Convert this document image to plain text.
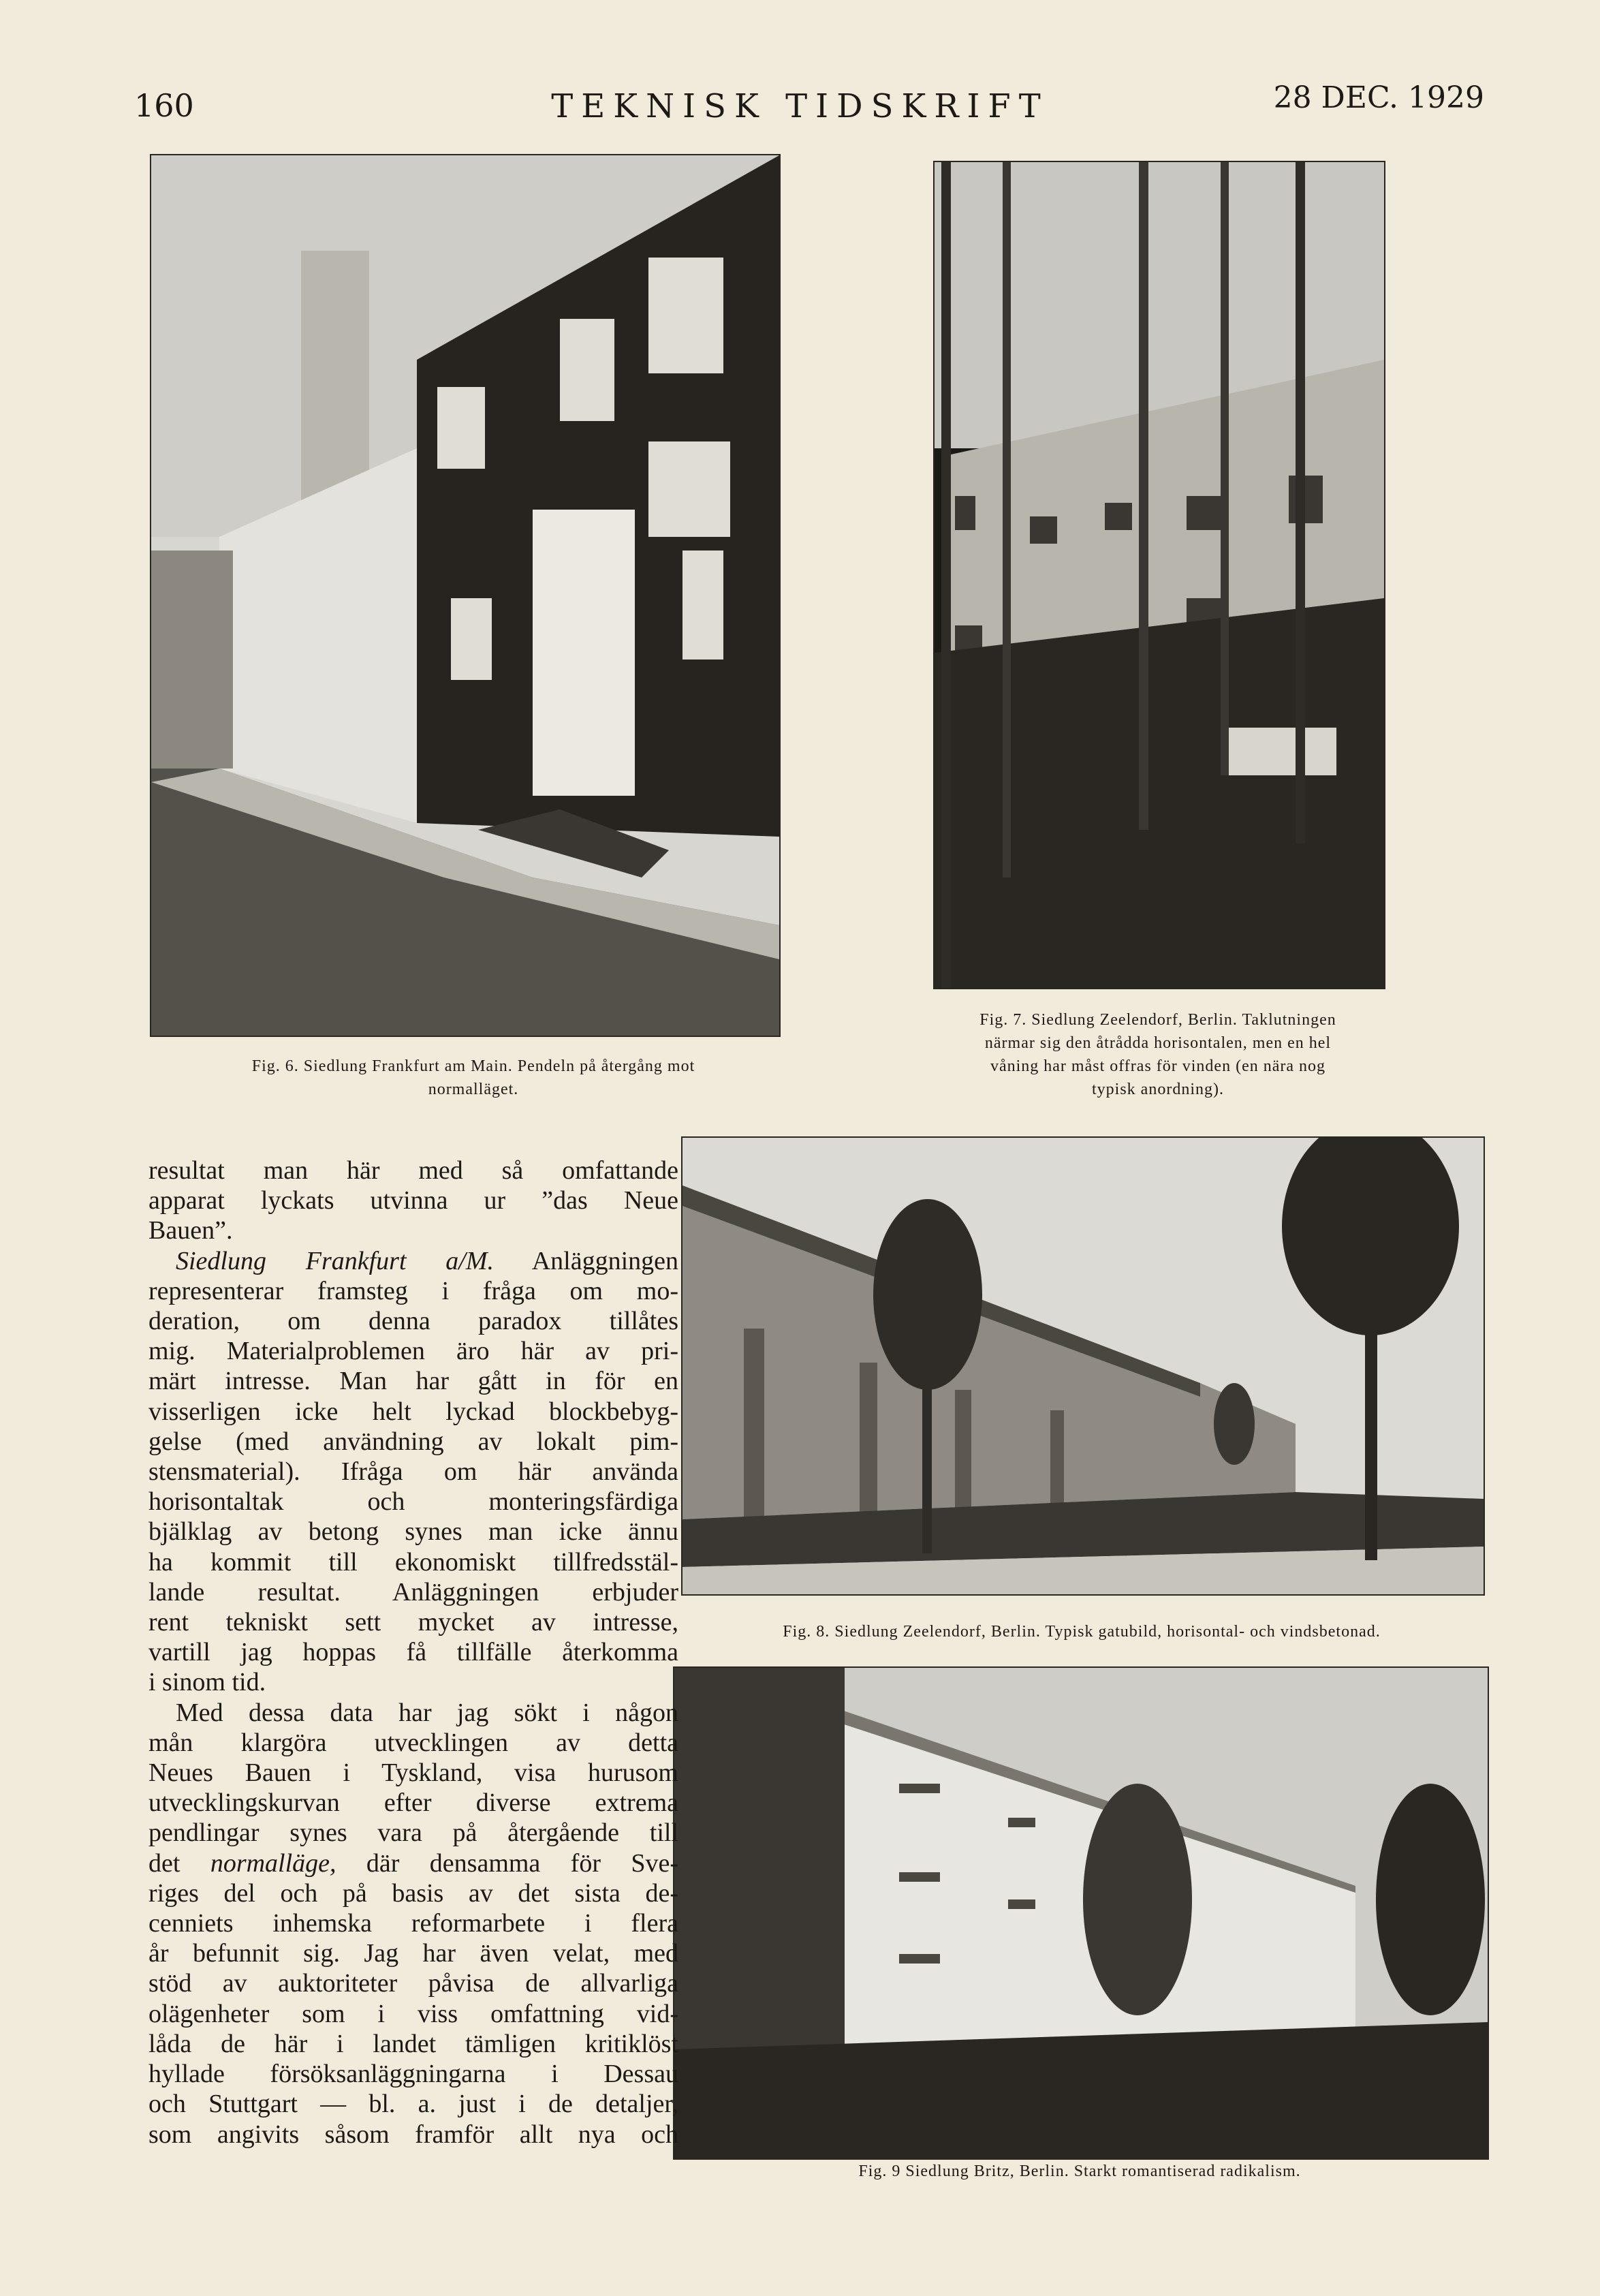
160	TEKNISK TIDSKRIFT	28 DEC. 1929
Fig. 6. Siedlung Frankfurt am Main. Pendeln på återgång mot
normalläget.
Fig. 7. Siedlung Zeelendorf, Berlin. Taklutningen
närmar sig den åtrådda horisontalen, men en hel
våning har måst offras för vinden (en nära nog
typisk anordning).
Fig. 8. Siedlung Zeelendorf, Berlin. Typisk gatubild, horisontal- och vindsbetonad.
Fig. 9 Siedlung Britz, Berlin. Starkt romantiserad radikalism.
resultat man här med så omfattande
apparat lyckats utvinna ur ”das Neue
Bauen”.
Siedlung Frankfurt a/M. Anläggningen
representerar framsteg i fråga om mo-
deration, om denna paradox tillåtes
mig. Materialproblemen äro här av pri-
märt intresse. Man har gått in för en
visserligen icke helt lyckad blockbebyg-
gelse (med användning av lokalt pim-
stensmaterial). Ifråga om här använda
horisontaltak och monteringsfärdiga
bjälklag av betong synes man icke ännu
ha kommit till ekonomiskt tillfredsstäl-
lande resultat. Anläggningen erbjuder
rent tekniskt sett mycket av intresse,
vartill jag hoppas få tillfälle återkomma
i sinom tid.
Med dessa data har jag sökt i någon
mån klargöra utvecklingen av detta
Neues Bauen i Tyskland, visa hurusom
utvecklingskurvan efter diverse extrema
pendlingar synes vara på återgående till
det normalläge, där densamma för Sve-
riges del och på basis av det sista de-
cenniets inhemska reformarbete i flera
år befunnit sig. Jag har även velat, med
stöd av auktoriteter påvisa de allvarliga
olägenheter som i viss omfattning vid-
låda de här i landet tämligen kritiklöst
hyllade försöksanläggningarna i Dessau
och Stuttgart — bl. a. just i de detaljer,
som angivits såsom framför allt nya och
